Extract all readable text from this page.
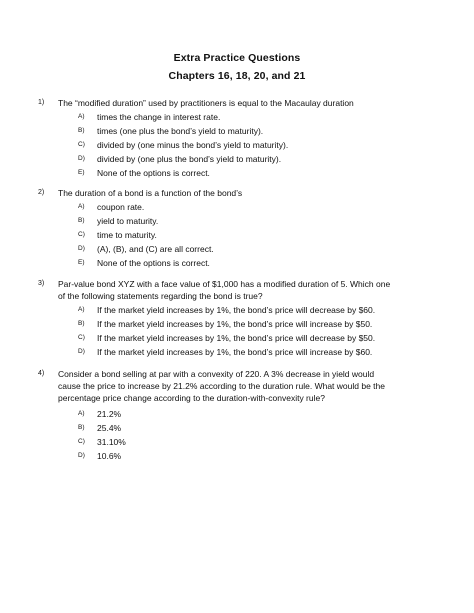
Extra Practice Questions
Chapters 16, 18, 20, and 21
1) The “modified duration” used by practitioners is equal to the Macaulay duration
A) times the change in interest rate.
B) times (one plus the bond’s yield to maturity).
C) divided by (one minus the bond’s yield to maturity).
D) divided by (one plus the bond’s yield to maturity).
E) None of the options is correct.
2) The duration of a bond is a function of the bond’s
A) coupon rate.
B) yield to maturity.
C) time to maturity.
D) (A), (B), and (C) are all correct.
E) None of the options is correct.
3) Par-value bond XYZ with a face value of $1,000 has a modified duration of 5. Which one of the following statements regarding the bond is true?
A) If the market yield increases by 1%, the bond’s price will decrease by $60.
B) If the market yield increases by 1%, the bond’s price will increase by $50.
C) If the market yield increases by 1%, the bond’s price will decrease by $50.
D) If the market yield increases by 1%, the bond’s price will increase by $60.
4) Consider a bond selling at par with a convexity of 220. A 3% decrease in yield would cause the price to increase by 21.2% according to the duration rule. What would be the percentage price change according to the duration-with-convexity rule?
A) 21.2%
B) 25.4%
C) 31.10%
D) 10.6%
